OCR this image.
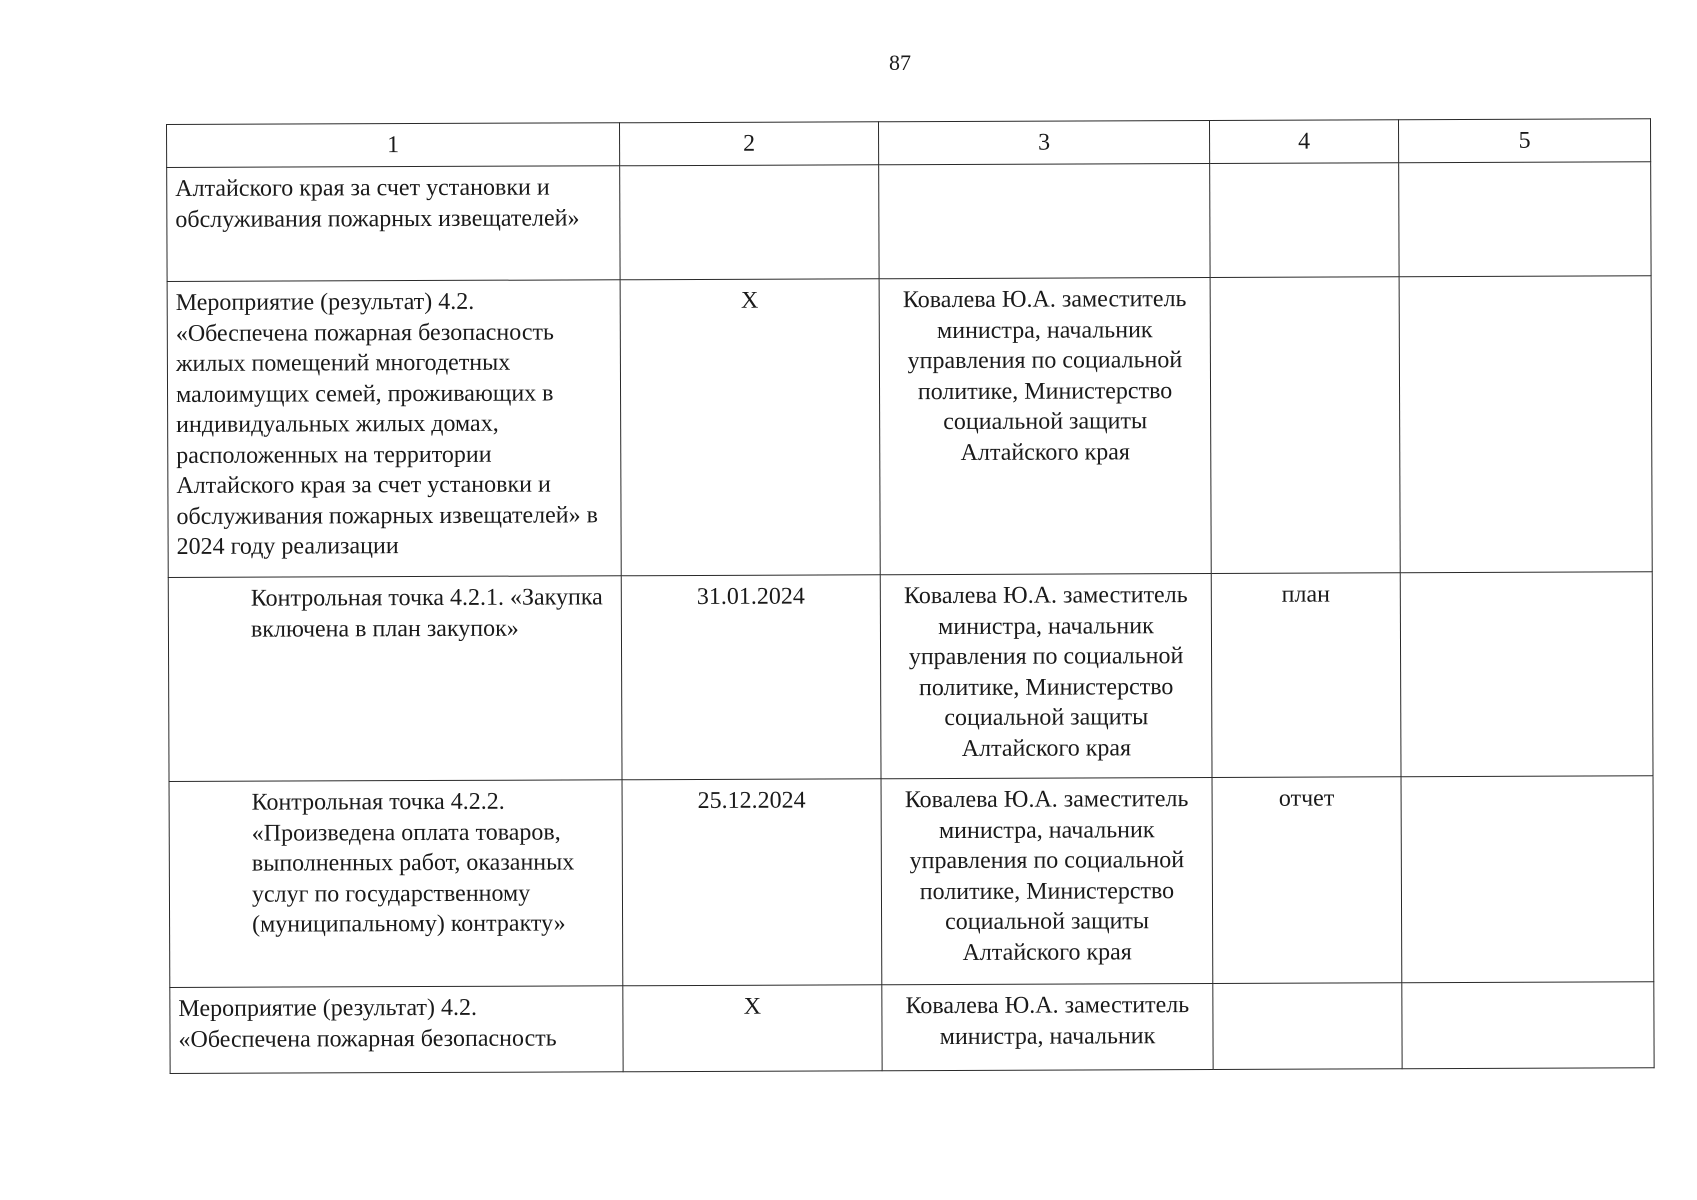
87
1	2	3	4	5
Алтайского края за счет установки и обслуживания пожарных извещателей»				
Мероприятие (результат) 4.2. «Обеспечена пожарная безопасность жилых помещений многодетных малоимущих семей, проживающих в индивидуальных жилых домах, расположенных на территории Алтайского края за счет установки и обслуживания пожарных извещателей» в 2024 году реализации	X	Ковалева Ю.А. заместитель министра, начальник управления по социальной политике, Министерство социальной защиты Алтайского края		
Контрольная точка 4.2.1. «Закупка включена в план закупок»	31.01.2024	Ковалева Ю.А. заместитель министра, начальник управления по социальной политике, Министерство социальной защиты Алтайского края	план	
Контрольная точка 4.2.2. «Произведена оплата товаров, выполненных работ, оказанных услуг по государственному (муниципальному) контракту»	25.12.2024	Ковалева Ю.А. заместитель министра, начальник управления по социальной политике, Министерство социальной защиты Алтайского края	отчет	
Мероприятие (результат) 4.2. «Обеспечена пожарная безопасность	X	Ковалева Ю.А. заместитель министра, начальник		
